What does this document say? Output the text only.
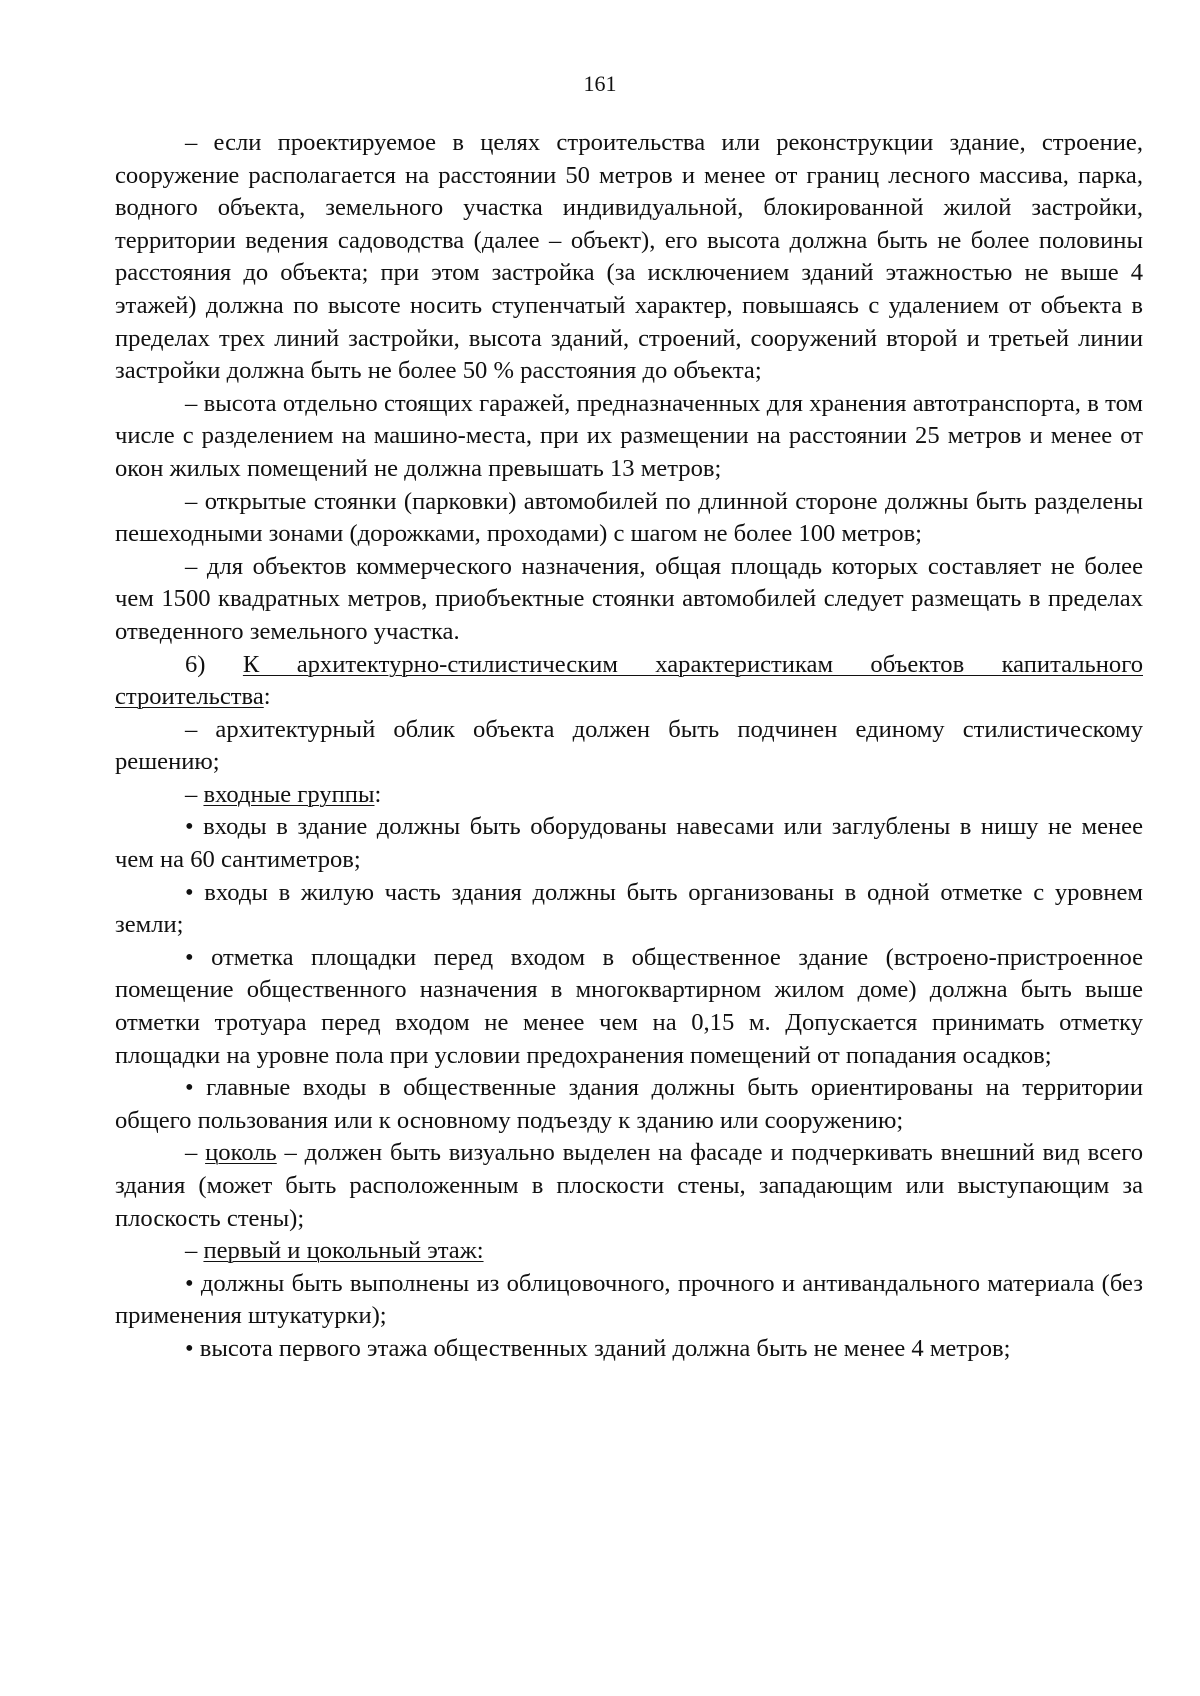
161

– если проектируемое в целях строительства или реконструкции здание, строение, сооружение располагается на расстоянии 50 метров и менее от границ лесного массива, парка, водного объекта, земельного участка индивидуальной, блокированной жилой застройки, территории ведения садоводства (далее – объект), его высота должна быть не более половины расстояния до объекта; при этом застройка (за исключением зданий этажностью не выше 4 этажей) должна по высоте носить ступенчатый характер, повышаясь с удалением от объекта в пределах трех линий застройки, высота зданий, строений, сооружений второй и третьей линии застройки должна быть не более 50 % расстояния до объекта;

– высота отдельно стоящих гаражей, предназначенных для хранения автотранспорта, в том числе с разделением на машино-места, при их размещении на расстоянии 25 метров и менее от окон жилых помещений не должна превышать 13 метров;

– открытые стоянки (парковки) автомобилей по длинной стороне должны быть разделены пешеходными зонами (дорожками, проходами) с шагом не более 100 метров;

– для объектов коммерческого назначения, общая площадь которых составляет не более чем 1500 квадратных метров, приобъектные стоянки автомобилей следует размещать в пределах отведенного земельного участка.

6) К архитектурно-стилистическим характеристикам объектов капитального строительства:

– архитектурный облик объекта должен быть подчинен единому стилистическому решению;

– входные группы:

• входы в здание должны быть оборудованы навесами или заглублены в нишу не менее чем на 60 сантиметров;

• входы в жилую часть здания должны быть организованы в одной отметке с уровнем земли;

• отметка площадки перед входом в общественное здание (встроено-пристроенное помещение общественного назначения в многоквартирном жилом доме) должна быть выше отметки тротуара перед входом не менее чем на 0,15 м. Допускается принимать отметку площадки на уровне пола при условии предохранения помещений от попадания осадков;

• главные входы в общественные здания должны быть ориентированы на территории общего пользования или к основному подъезду к зданию или сооружению;

– цоколь – должен быть визуально выделен на фасаде и подчеркивать внешний вид всего здания (может быть расположенным в плоскости стены, западающим или выступающим за плоскость стены);

– первый и цокольный этаж:

• должны быть выполнены из облицовочного, прочного и антивандального материала (без применения штукатурки);

• высота первого этажа общественных зданий должна быть не менее 4 метров;
